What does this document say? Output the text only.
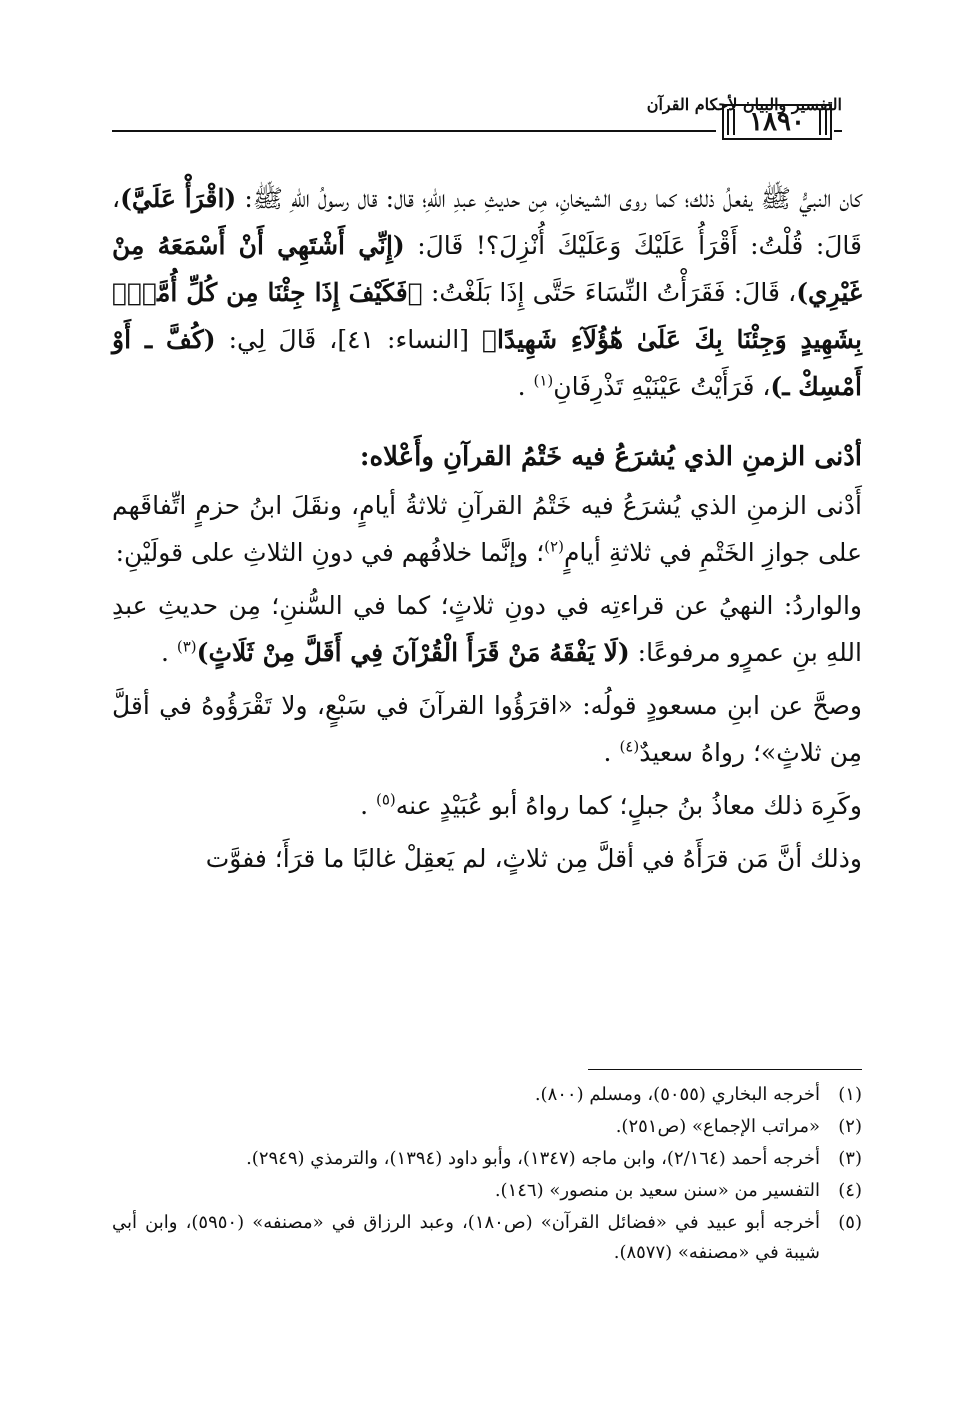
التفسير والبيان لأحكام القرآن
١٨٩٠

كان النبيُّ ﷺ يفعلُ ذلك؛ كما روى الشيخانِ، مِن حديثِ عبدِ اللهِ؛ قال: قال رسولُ اللهِ ﷺ: (اقْرَأْ عَلَيَّ)، قَالَ: قُلْتُ: أَقْرَأُ عَلَيْكَ وَعَلَيْكَ أُنْزِلَ؟! قَالَ: (إِنِّي أَشْتَهِي أَنْ أَسْمَعَهُ مِنْ غَيْرِي)، قَالَ: فَقَرَأْتُ النِّسَاءَ حَتَّى إِذَا بَلَغْتُ: ﴿فَكَيْفَ إِذَا جِئْنَا مِن كُلِّ أُمَّةٍۭ بِشَهِيدٍ وَجِئْنَا بِكَ عَلَىٰ هَٰٓؤُلَآءِ شَهِيدًا﴾ [النساء: ٤١]، قَالَ لِي: (كُفَّ ـ أَوْ أَمْسِكْ ـ)، فَرَأَيْتُ عَيْنَيْهِ تَذْرِفَانِ$^{(١)}$ .

أدْنى الزمنِ الذي يُشرَعُ فيه خَتْمُ القرآنِ وأَعْلاه:

أَدْنى الزمنِ الذي يُشرَعُ فيه خَتْمُ القرآنِ ثلاثةُ أيامٍ، ونقَلَ ابنُ حزمٍ اتِّفاقَهم على جوازِ الخَتْمِ في ثلاثةِ أيامٍ$^{(٢)}$؛ وإنَّما خلافُهم في دونِ الثلاثِ على قولَيْنِ:

والواردُ: النهيُ عن قراءتِه في دونِ ثلاثٍ؛ كما في السُّننِ؛ مِن حديثِ عبدِ اللهِ بنِ عمرٍو مرفوعًا: (لَا يَفْقَهُ مَنْ قَرَأَ الْقُرْآنَ فِي أَقَلَّ مِنْ ثَلَاثٍ)$^{(٣)}$ .

وصحَّ عن ابنِ مسعودٍ قولُه: «اقرَؤُوا القرآنَ في سَبْعٍ، ولا تَقْرَؤُوهُ في أقلَّ مِن ثلاثٍ»؛ رواهُ سعيدٌ$^{(٤)}$ .

وكَرِهَ ذلك معاذُ بنُ جبلٍ؛ كما رواهُ أبو عُبَيْدٍ عنه$^{(٥)}$ .

وذلك أنَّ مَن قرَأَهُ في أقلَّ مِن ثلاثٍ، لم يَعقِلْ غالبًا ما قرَأَ؛ ففوَّت

(١)
أخرجه البخاري (٥٠٥٥)، ومسلم (٨٠٠).
(٢)
«مراتب الإجماع» (ص٢٥١).
(٣)
أخرجه أحمد (٢/١٦٤)، وابن ماجه (١٣٤٧)، وأبو داود (١٣٩٤)، والترمذي (٢٩٤٩).
(٤)
التفسير من «سنن سعيد بن منصور» (١٤٦).
(٥)
أخرجه أبو عبيد في «فضائل القرآن» (ص١٨٠)، وعبد الرزاق في «مصنفه» (٥٩٥٠)، وابن أبي شيبة في «مصنفه» (٨٥٧٧).
